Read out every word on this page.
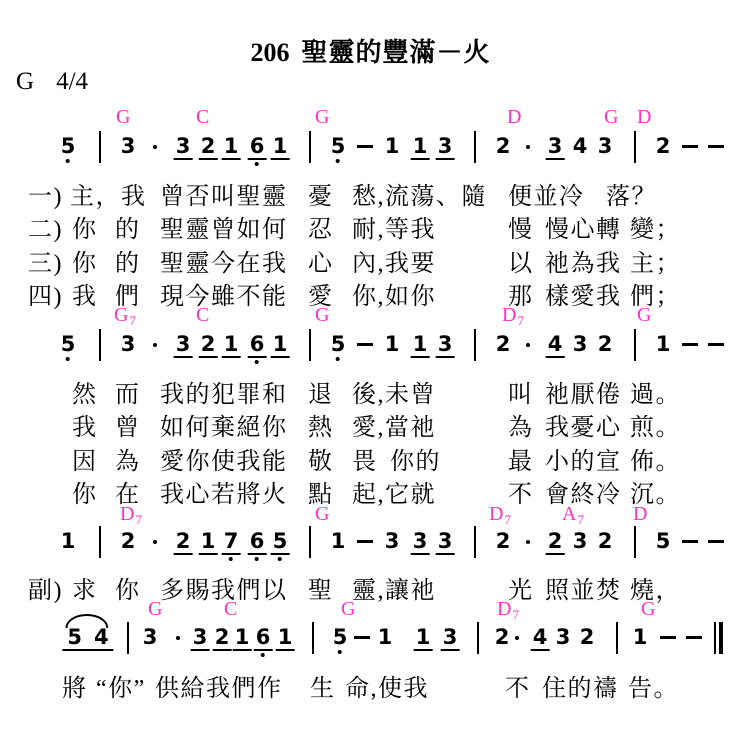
206 聖靈的豐滿－火
G 4/4
G	C	G	D	G D
5 3 3 2 1 6 1 5 1 1 3 2 3 4 3 2
一) 主，我 曾否叫聖靈 憂 愁,流蕩、隨 便並冷 落？
二) 你 的 聖靈曾如何 忍 耐,等我	慢 慢心轉 變；
三) 你 的 聖靈今在我 心 內,我要	以 祂為我 主；
四) 我 們 現今雖不能 愛 你,如你	那 樣愛我 們；
$G_7$	C	G	$D_7$	G
5 3 3 2 1 6 1 5 1 1 3 2 4 3 2 1
然 而 我的犯罪和 退 後,未曾	叫 祂厭倦 過。
我 曾 如何棄絕你 熱 愛,當祂	為 我憂心 煎。
因 為 愛你使我能 敬 畏 你的	最 小的宣 佈。
你 在 我心若將火 點 起,它就	不 會終冷 沉。
$D_7$	G	$D_7$	$A_7$ D
1 2 2 1 7 6 5 1 3 3 3 2 2 3 2 5
副) 求 你 多賜我們以 聖 靈,讓祂	光 照並焚 燒，
G	C	G	$D_7$	G
5 4 3 3 2 1 6 1 5 1 1 3 2 4 3 2 1
將 “你” 供給我們作 生 命,使我	不 住的禱 告。
